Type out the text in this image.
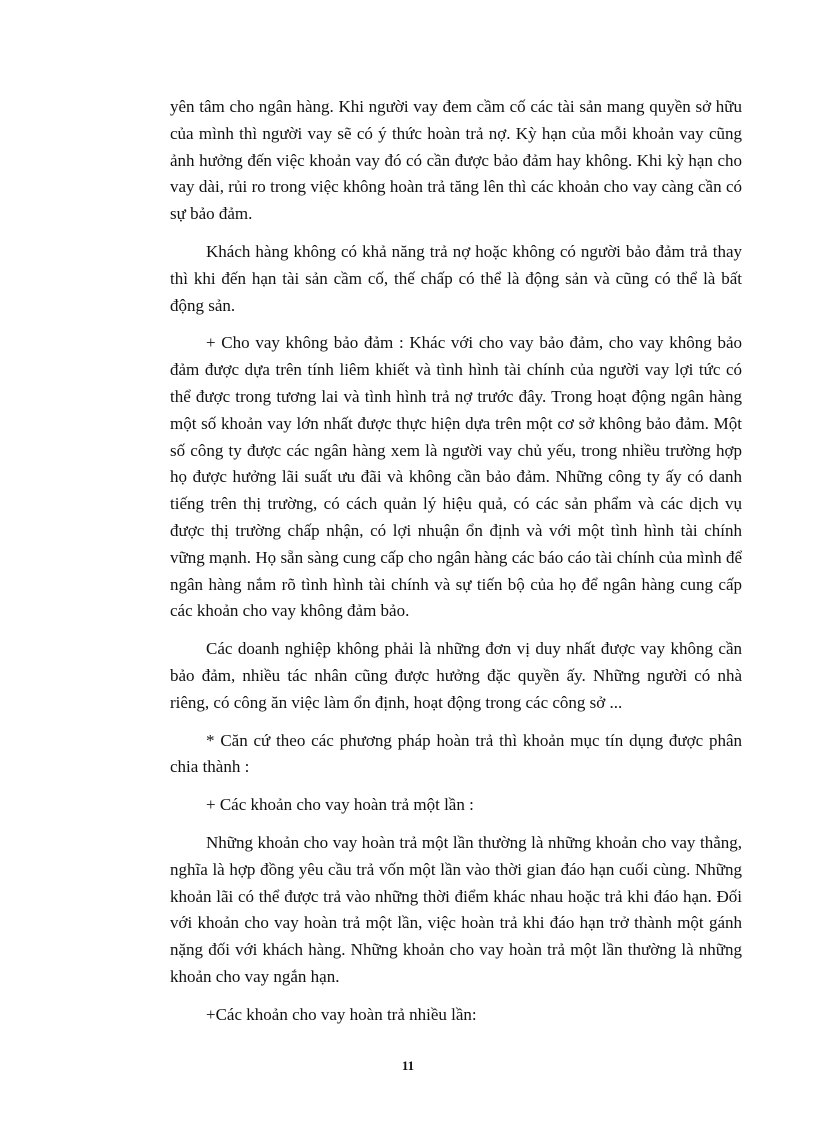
yên tâm cho ngân hàng. Khi người vay đem cầm cố các tài sản mang quyền sở hữu của mình thì người vay sẽ có ý thức hoàn trả nợ. Kỳ hạn của mỗi khoản vay cũng ảnh hưởng đến việc khoản vay đó có cần được bảo đảm hay không. Khi kỳ hạn cho vay dài, rủi ro trong việc không hoàn trả tăng lên thì các khoản cho vay càng cần có sự bảo đảm.

Khách hàng không có khả năng trả nợ hoặc không có người bảo đảm trả thay thì khi đến hạn tài sản cầm cố, thế chấp có thể là động sản và cũng có thể là bất động sản.

+ Cho vay không bảo đảm : Khác với cho vay bảo đảm, cho vay không bảo đảm được dựa trên tính liêm khiết và tình hình tài chính của người vay lợi tức có thể được trong tương lai và tình hình trả nợ trước đây. Trong hoạt động ngân hàng một số khoản vay lớn nhất được thực hiện dựa trên một cơ sở không bảo đảm. Một số công ty được các ngân hàng xem là người vay chủ yếu, trong nhiều trường hợp họ được hưởng lãi suất ưu đãi và không cần bảo đảm. Những công ty ấy có danh tiếng trên thị trường, có cách quản lý hiệu quả, có các sản phẩm và các dịch vụ được thị trường chấp nhận, có lợi nhuận ổn định và với một tình hình tài chính vững mạnh. Họ sẵn sàng cung cấp cho ngân hàng các báo cáo tài chính của mình để ngân hàng nắm rõ tình hình tài chính và sự tiến bộ của họ để ngân hàng cung cấp các khoản cho vay không đảm bảo.

Các doanh nghiệp không phải là những đơn vị duy nhất được vay không cần bảo đảm, nhiều tác nhân cũng được hưởng đặc quyền ấy. Những người có nhà riêng, có công ăn việc làm ổn định, hoạt động trong các công sở ...

* Căn cứ theo các phương pháp hoàn trả thì khoản mục tín dụng được phân chia thành :

+ Các khoản cho vay hoàn trả một lần :

Những khoản cho vay hoàn trả một lần thường là những khoản cho vay thẳng, nghĩa là hợp đồng yêu cầu trả vốn một lần vào thời gian đáo hạn cuối cùng. Những khoản lãi có thể được trả vào những thời điểm khác nhau hoặc trả khi đáo hạn. Đối với khoản cho vay hoàn trả một lần, việc hoàn trả khi đáo hạn trở thành một gánh nặng đối với khách hàng. Những khoản cho vay hoàn trả một lần thường là những khoản cho vay ngắn hạn.

+Các khoản cho vay hoàn trả nhiều lần:

11
